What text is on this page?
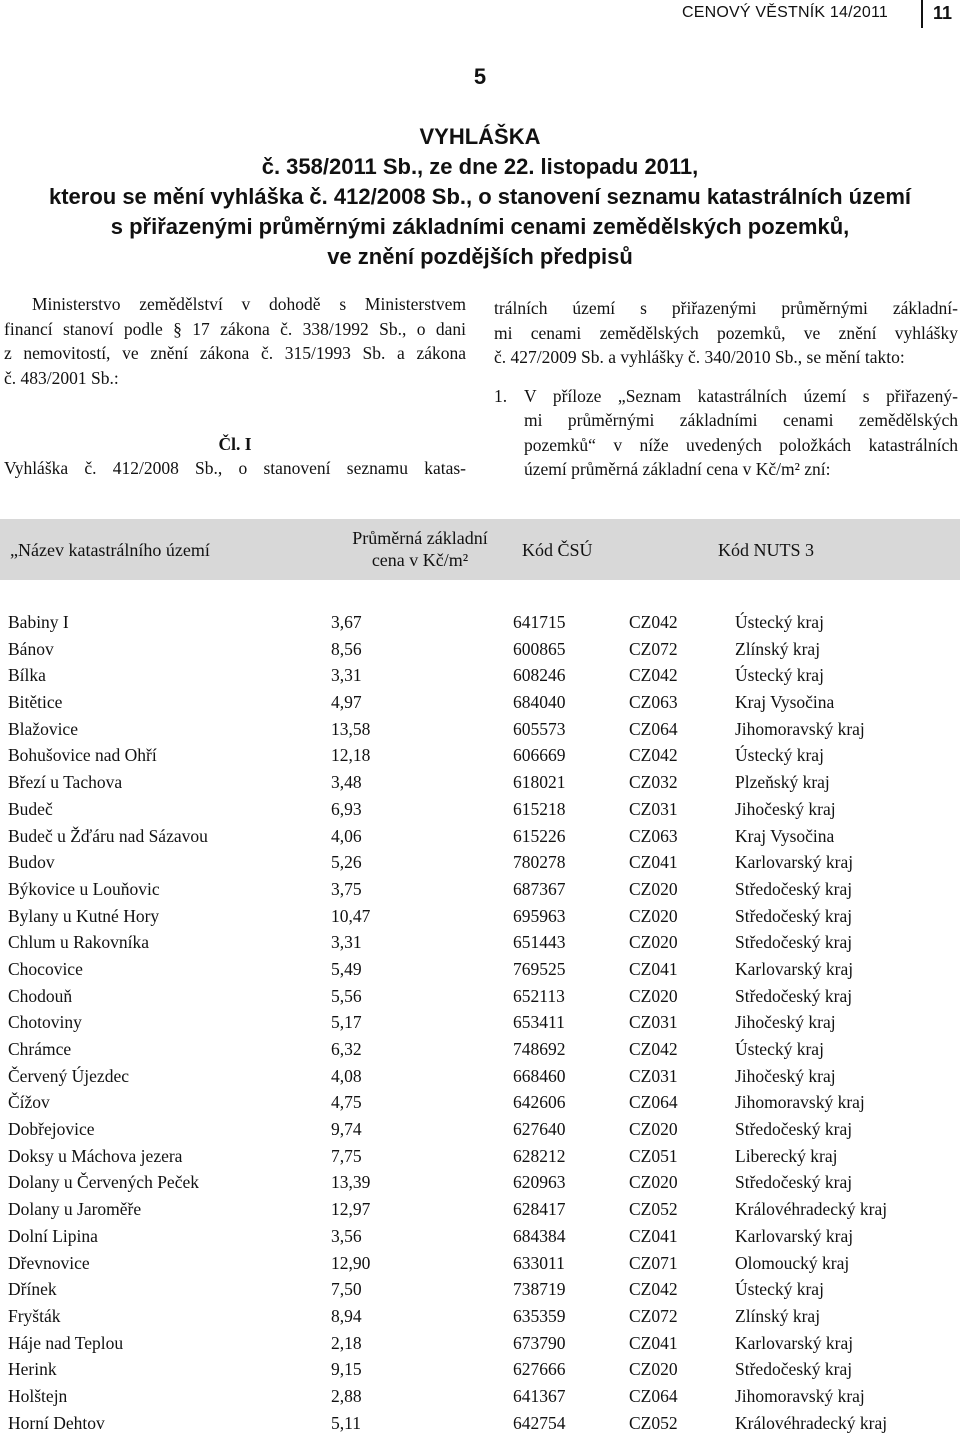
CENOVÝ VĚSTNÍK 14/2011 11
5
VYHLÁŠKA
č. 358/2011 Sb., ze dne 22. listopadu 2011,
kterou se mění vyhláška č. 412/2008 Sb., o stanovení seznamu katastrálních území
s přiřazenými průměrnými základními cenami zemědělských pozemků,
ve znění pozdějších předpisů
Ministerstvo zemědělství v dohodě s Ministerstvem
financí stanoví podle § 17 zákona č. 338/1992 Sb., o dani
z nemovitostí, ve znění zákona č. 315/1993 Sb. a zákona
č. 483/2001 Sb.:
Čl. I
Vyhláška č. 412/2008 Sb., o stanovení seznamu katas-
trálních území s přiřazenými průměrnými základní-
mi cenami zemědělských pozemků, ve znění vyhlášky
č. 427/2009 Sb. a vyhlášky č. 340/2010 Sb., se mění takto:
1. V příloze „Seznam katastrálních území s přiřazený-
mi průměrnými základními cenami zemědělských
pozemků“ v níže uvedených položkách katastrálních
území průměrná základní cena v Kč/m² zní:
„Název katastrálního území
Průměrná základní
cena v Kč/m²	Kód ČSÚ	Kód NUTS 3
Babiny I	3,67	641715	CZ042	Ústecký kraj
Bánov	8,56	600865	CZ072	Zlínský kraj
Bílka	3,31	608246	CZ042	Ústecký kraj
Bitětice	4,97	684040	CZ063	Kraj Vysočina
Blažovice	13,58	605573	CZ064	Jihomoravský kraj
Bohušovice nad Ohří	12,18	606669	CZ042	Ústecký kraj
Březí u Tachova	3,48	618021	CZ032	Plzeňský kraj
Budeč	6,93	615218	CZ031	Jihočeský kraj
Budeč u Žďáru nad Sázavou	4,06	615226	CZ063	Kraj Vysočina
Budov	5,26	780278	CZ041	Karlovarský kraj
Býkovice u Louňovic	3,75	687367	CZ020	Středočeský kraj
Bylany u Kutné Hory	10,47	695963	CZ020	Středočeský kraj
Chlum u Rakovníka	3,31	651443	CZ020	Středočeský kraj
Chocovice	5,49	769525	CZ041	Karlovarský kraj
Chodouň	5,56	652113	CZ020	Středočeský kraj
Chotoviny	5,17	653411	CZ031	Jihočeský kraj
Chrámce	6,32	748692	CZ042	Ústecký kraj
Červený Újezdec	4,08	668460	CZ031	Jihočeský kraj
Čížov	4,75	642606	CZ064	Jihomoravský kraj
Dobřejovice	9,74	627640	CZ020	Středočeský kraj
Doksy u Máchova jezera	7,75	628212	CZ051	Liberecký kraj
Dolany u Červených Peček	13,39	620963	CZ020	Středočeský kraj
Dolany u Jaroměře	12,97	628417	CZ052	Královéhradecký kraj
Dolní Lipina	3,56	684384	CZ041	Karlovarský kraj
Dřevnovice	12,90	633011	CZ071	Olomoucký kraj
Dřínek	7,50	738719	CZ042	Ústecký kraj
Fryšták	8,94	635359	CZ072	Zlínský kraj
Háje nad Teplou	2,18	673790	CZ041	Karlovarský kraj
Herink	9,15	627666	CZ020	Středočeský kraj
Holštejn	2,88	641367	CZ064	Jihomoravský kraj
Horní Dehtov	5,11	642754	CZ052	Královéhradecký kraj
